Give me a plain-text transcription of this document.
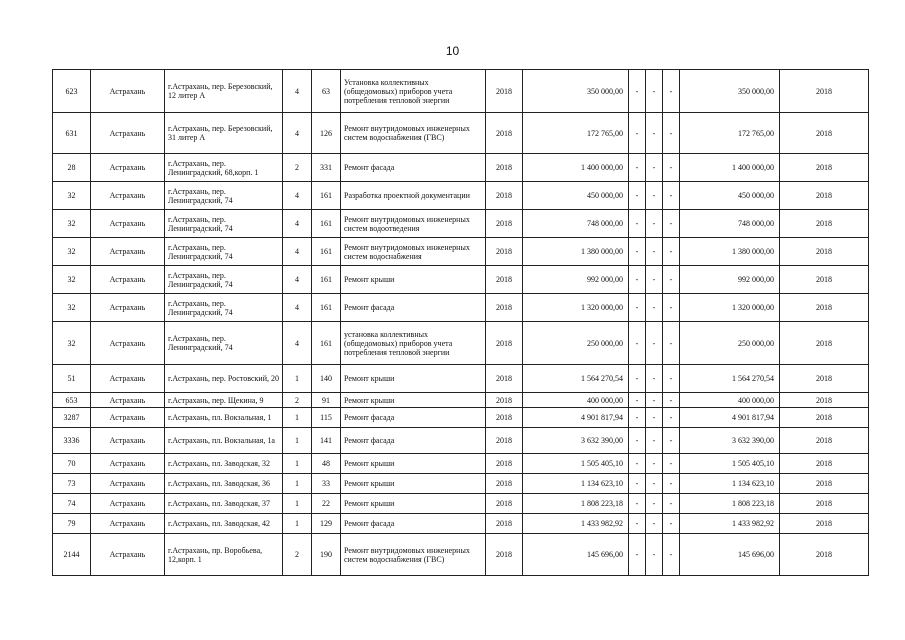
10
623	Астрахань	г.Астрахань, пер. Березовский, 12 литер А	4	63	Установка коллективных (общедомовых) приборов учета потребления тепловой энергии	2018	350 000,00	-	-	-	350 000,00	2018
631	Астрахань	г.Астрахань, пер. Березовский, 31 литер А	4	126	Ремонт внутридомовых инженерных систем водоснабжения (ГВС)	2018	172 765,00	-	-	-	172 765,00	2018
28	Астрахань	г.Астрахань, пер. Ленинградский, 68,корп. 1	2	331	Ремонт фасада	2018	1 400 000,00	-	-	-	1 400 000,00	2018
32	Астрахань	г.Астрахань, пер. Ленинградский, 74	4	161	Разработка проектной документации	2018	450 000,00	-	-	-	450 000,00	2018
32	Астрахань	г.Астрахань, пер. Ленинградский, 74	4	161	Ремонт внутридомовых инженерных систем водоотведения	2018	748 000,00	-	-	-	748 000,00	2018
32	Астрахань	г.Астрахань, пер. Ленинградский, 74	4	161	Ремонт внутридомовых инженерных систем водоснабжения	2018	1 380 000,00	-	-	-	1 380 000,00	2018
32	Астрахань	г.Астрахань, пер. Ленинградский, 74	4	161	Ремонт крыши	2018	992 000,00	-	-	-	992 000,00	2018
32	Астрахань	г.Астрахань, пер. Ленинградский, 74	4	161	Ремонт фасада	2018	1 320 000,00	-	-	-	1 320 000,00	2018
32	Астрахань	г.Астрахань, пер. Ленинградский, 74	4	161	установка коллективных (общедомовых) приборов учета потребления тепловой энергии	2018	250 000,00	-	-	-	250 000,00	2018
51	Астрахань	г.Астрахань, пер. Ростовский, 20	1	140	Ремонт крыши	2018	1 564 270,54	-	-	-	1 564 270,54	2018
653	Астрахань	г.Астрахань, пер. Щекина, 9	2	91	Ремонт крыши	2018	400 000,00	-	-	-	400 000,00	2018
3287	Астрахань	г.Астрахань, пл. Вокзальная, 1	1	115	Ремонт фасада	2018	4 901 817,94	-	-	-	4 901 817,94	2018
3336	Астрахань	г.Астрахань, пл. Вокзальная, 1а	1	141	Ремонт фасада	2018	3 632 390,00	-	-	-	3 632 390,00	2018
70	Астрахань	г.Астрахань, пл. Заводская, 32	1	48	Ремонт крыши	2018	1 505 405,10	-	-	-	1 505 405,10	2018
73	Астрахань	г.Астрахань, пл. Заводская, 36	1	33	Ремонт крыши	2018	1 134 623,10	-	-	-	1 134 623,10	2018
74	Астрахань	г.Астрахань, пл. Заводская, 37	1	22	Ремонт крыши	2018	1 808 223,18	-	-	-	1 808 223,18	2018
79	Астрахань	г.Астрахань, пл. Заводская, 42	1	129	Ремонт фасада	2018	1 433 982,92	-	-	-	1 433 982,92	2018
2144	Астрахань	г.Астрахань, пр. Воробьева, 12,корп. 1	2	190	Ремонт внутридомовых инженерных систем водоснабжения (ГВС)	2018	145 696,00	-	-	-	145 696,00	2018
